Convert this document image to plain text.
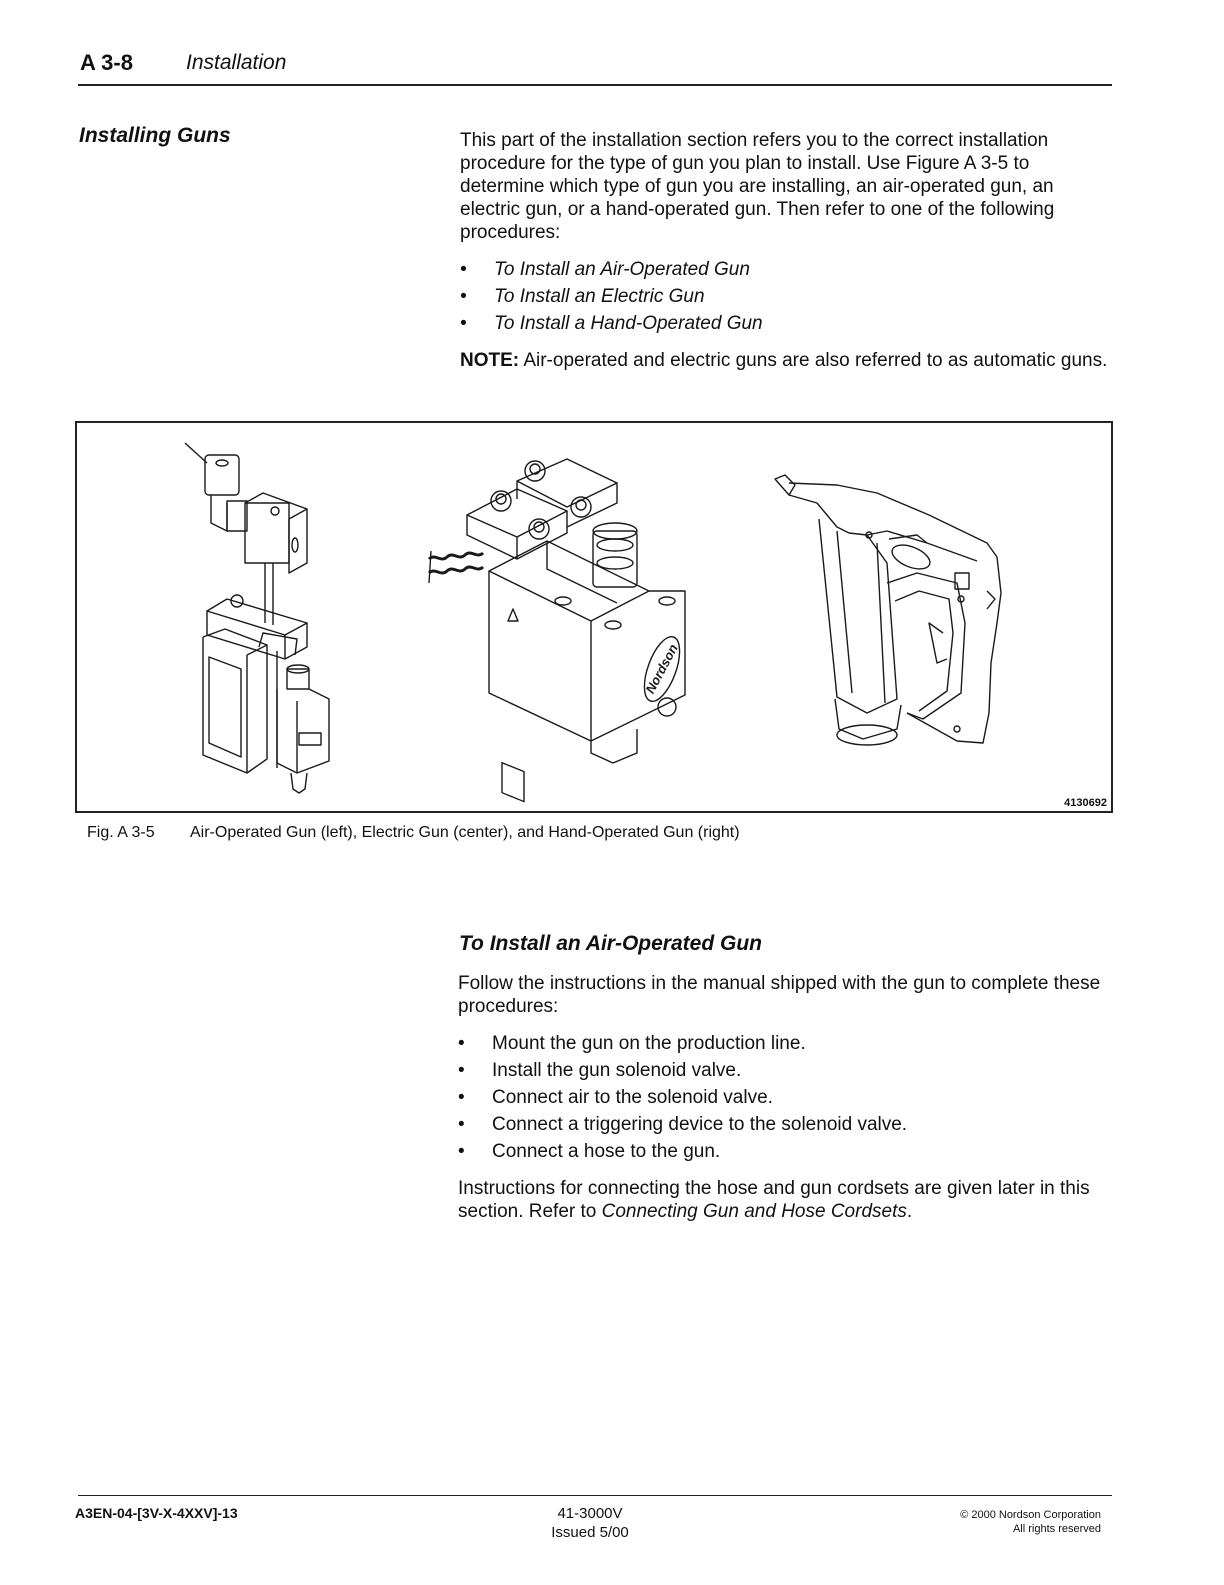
A 3-8	Installation
Installing Guns	This part of the installation section refers you to the correct installation procedure for the type of gun you plan to install. Use Figure A 3-5 to determine which type of gun you are installing, an air-operated gun, an electric gun, or a hand-operated gun. Then refer to one of the following procedures:
• To Install an Air-Operated Gun
• To Install an Electric Gun
• To Install a Hand-Operated Gun
NOTE: Air-operated and electric guns are also referred to as automatic guns.
Nordson
4130692
Fig. A 3-5 Air-Operated Gun (left), Electric Gun (center), and Hand-Operated Gun (right)
To Install an Air-Operated Gun
Follow the instructions in the manual shipped with the gun to complete these procedures:
• Mount the gun on the production line.
• Install the gun solenoid valve.
• Connect air to the solenoid valve.
• Connect a triggering device to the solenoid valve.
• Connect a hose to the gun.
Instructions for connecting the hose and gun cordsets are given later in this section. Refer to Connecting Gun and Hose Cordsets.
A3EN-04-[3V-X-4XXV]-13	41-3000V
Issued 5/00
© 2000 Nordson Corporation
All rights reserved
